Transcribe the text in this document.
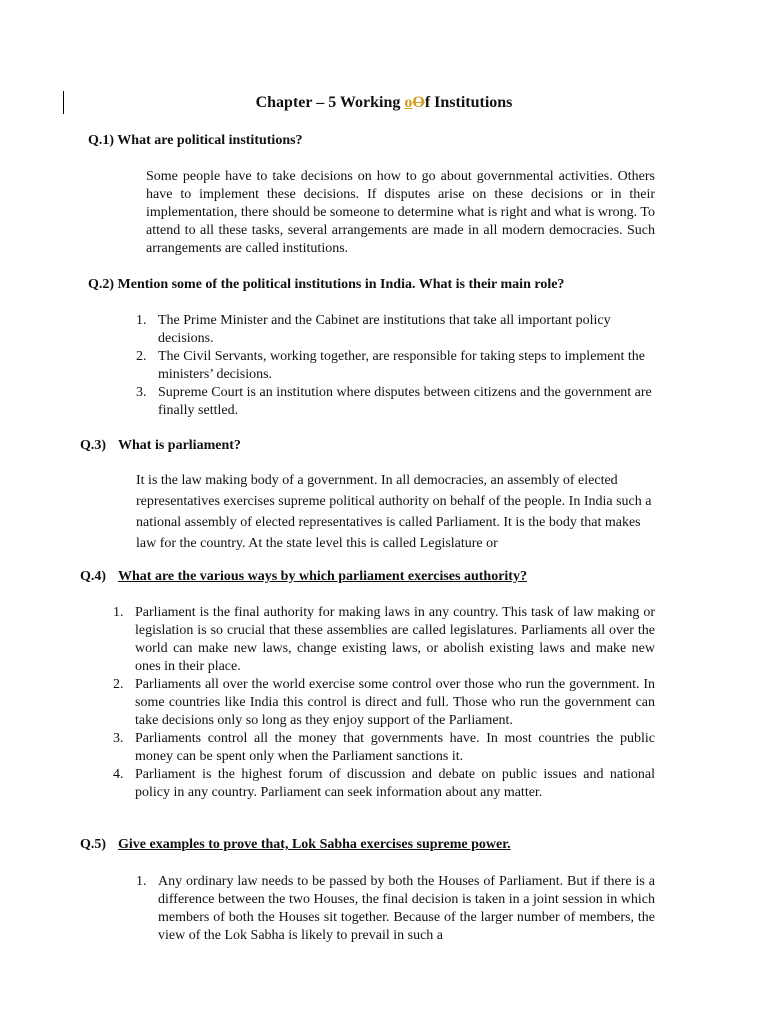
Chapter – 5 Working oOf Institutions
Q.1) What are political institutions?
Some people have to take decisions on how to go about governmental activities. Others have to implement these decisions. If disputes arise on these decisions or in their implementation, there should be someone to determine what is right and what is wrong. To attend to all these tasks, several arrangements are made in all modern democracies. Such arrangements are called institutions.
Q.2) Mention some of the political institutions in India. What is their main role?
1. The Prime Minister and the Cabinet are institutions that take all important policy decisions.
2. The Civil Servants, working together, are responsible for taking steps to implement the ministers’ decisions.
3. Supreme Court is an institution where disputes between citizens and the government are finally settled.
Q.3) What is parliament?
It is the law making body of a government. In all democracies, an assembly of elected representatives exercises supreme political authority on behalf of the people. In India such a national assembly of elected representatives is called Parliament. It is the body that makes law for the country. At the state level this is called Legislature or
Q.4) What are the various ways by which parliament exercises authority?
1. Parliament is the final authority for making laws in any country. This task of law making or legislation is so crucial that these assemblies are called legislatures. Parliaments all over the world can make new laws, change existing laws, or abolish existing laws and make new ones in their place.
2. Parliaments all over the world exercise some control over those who run the government. In some countries like India this control is direct and full. Those who run the government can take decisions only so long as they enjoy support of the Parliament.
3. Parliaments control all the money that governments have. In most countries the public money can be spent only when the Parliament sanctions it.
4. Parliament is the highest forum of discussion and debate on public issues and national policy in any country. Parliament can seek information about any matter.
Q.5) Give examples to prove that, Lok Sabha exercises supreme power.
1. Any ordinary law needs to be passed by both the Houses of Parliament. But if there is a difference between the two Houses, the final decision is taken in a joint session in which members of both the Houses sit together. Because of the larger number of members, the view of the Lok Sabha is likely to prevail in such a
